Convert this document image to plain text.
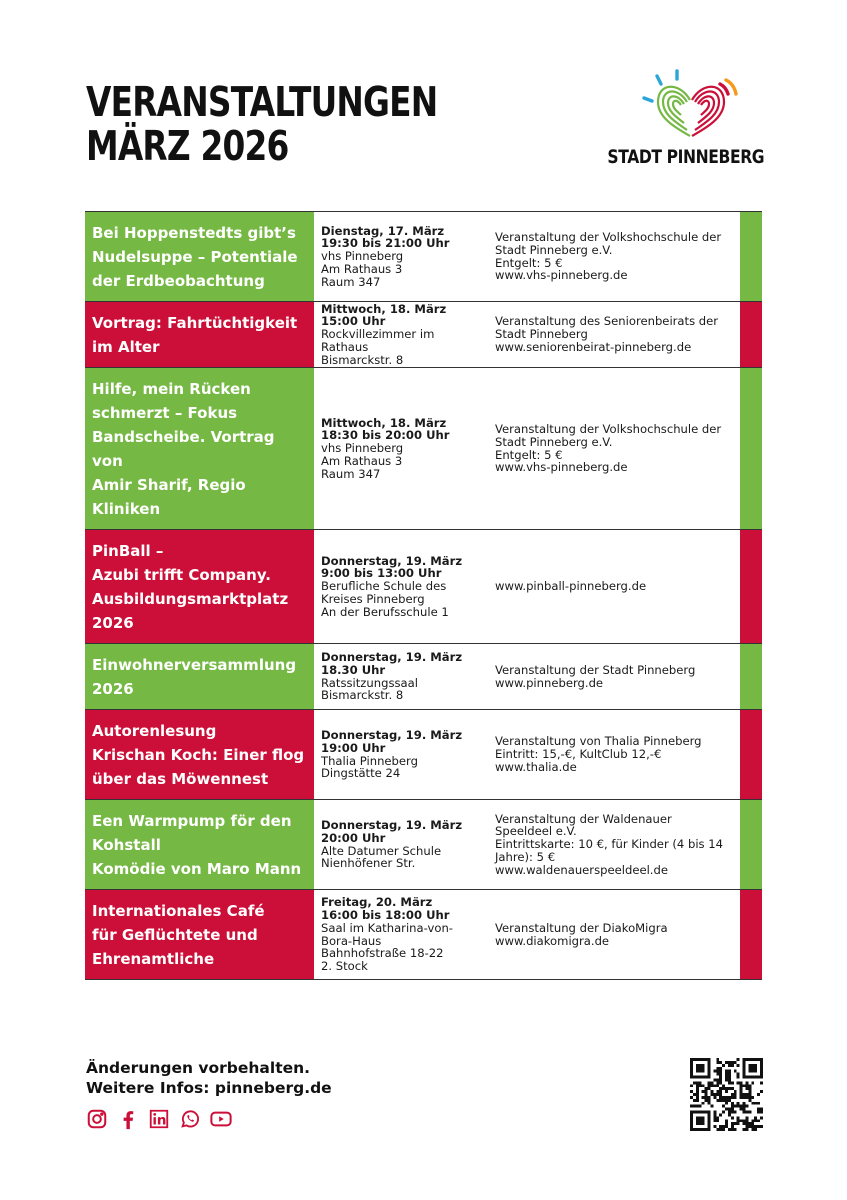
VERANSTALTUNGEN
MÄRZ 2026	STADT PINNEBERG
Bei Hoppenstedts gibt’s
Nudelsuppe – Potentiale
der Erdbeobachtung
Dienstag, 17. März
19:30 bis 21:00 Uhr
vhs Pinneberg
Am Rathaus 3
Raum 347
Veranstaltung der Volkshochschule der
Stadt Pinneberg e.V.
Entgelt: 5 €
www.vhs-pinneberg.de
Vortrag: Fahrtüchtigkeit
im Alter
Mittwoch, 18. März
15:00 Uhr
Rockvillezimmer im
Rathaus
Bismarckstr. 8
Veranstaltung des Seniorenbeirats der
Stadt Pinneberg
www.seniorenbeirat-pinneberg.de
Hilfe, mein Rücken
schmerzt – Fokus
Bandscheibe. Vortrag von
Amir Sharif, Regio Kliniken
Mittwoch, 18. März
18:30 bis 20:00 Uhr
vhs Pinneberg
Am Rathaus 3
Raum 347
Veranstaltung der Volkshochschule der
Stadt Pinneberg e.V.
Entgelt: 5 €
www.vhs-pinneberg.de
PinBall –
Azubi trifft Company.
Ausbildungsmarktplatz
2026
Donnerstag, 19. März
9:00 bis 13:00 Uhr
Berufliche Schule des
Kreises Pinneberg
An der Berufsschule 1
www.pinball-pinneberg.de
Einwohnerversammlung
2026
Donnerstag, 19. März
18.30 Uhr
Ratssitzungssaal
Bismarckstr. 8
Veranstaltung der Stadt Pinneberg
www.pinneberg.de
Autorenlesung
Krischan Koch: Einer flog
über das Möwennest
Donnerstag, 19. März
19:00 Uhr
Thalia Pinneberg
Dingstätte 24
Veranstaltung von Thalia Pinneberg
Eintritt: 15,-€, KultClub 12,-€
www.thalia.de
Een Warmpump för den
Kohstall
Komödie von Maro Mann
Donnerstag, 19. März
20:00 Uhr
Alte Datumer Schule
Nienhöfener Str.
Veranstaltung der Waldenauer
Speeldeel e.V.
Eintrittskarte: 10 €, für Kinder (4 bis 14
Jahre): 5 €
www.waldenauerspeeldeel.de
Internationales Café
für Geflüchtete und
Ehrenamtliche
Freitag, 20. März
16:00 bis 18:00 Uhr
Saal im Katharina-von-
Bora-Haus
Bahnhofstraße 18-22
2. Stock
Veranstaltung der DiakoMigra
www.diakomigra.de
Änderungen vorbehalten.
Weitere Infos: pinneberg.de
